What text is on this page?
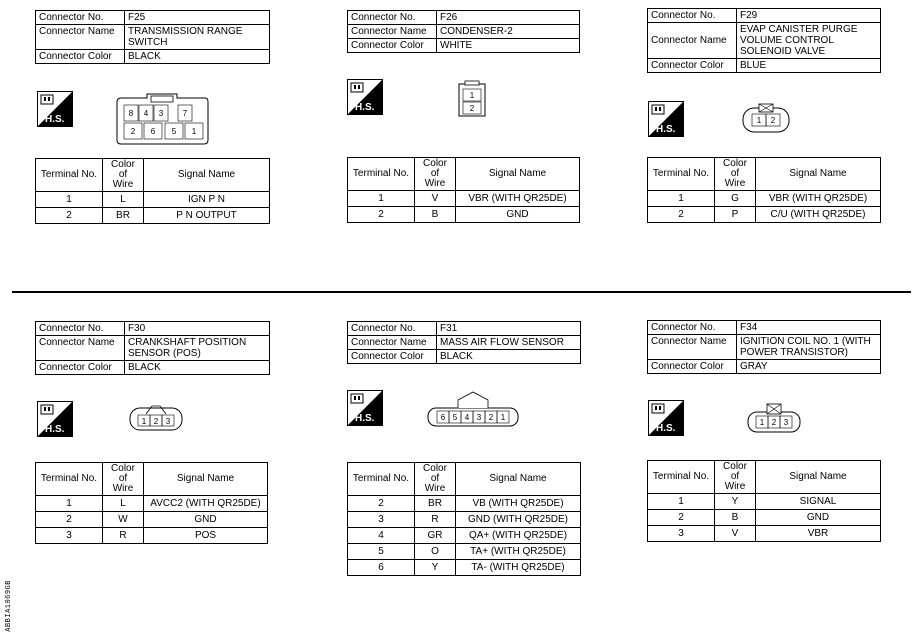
Connector No.	F25
Connector Name	TRANSMISSION RANGE
SWITCH
Connector Color	BLACK
H.S.
8 4 3 7
2 6 5 1
Terminal No.	Color of
Wire	Signal Name
1	L	IGN P N
2	BR	P N OUTPUT
Connector No.	F26
Connector Name	CONDENSER-2
Connector Color	WHITE
H.S.
1
2
Terminal No.	Color of
Wire	Signal Name
1	V	VBR (WITH QR25DE)
2	B	GND
Connector No.	F29
Connector Name	EVAP CANISTER PURGE
VOLUME CONTROL
SOLENOID VALVE
Connector Color	BLUE
H.S.
1 2
Terminal No.	Color of
Wire	Signal Name
1	G	VBR (WITH QR25DE)
2	P	C/U (WITH QR25DE)
Connector No.	F30
Connector Name	CRANKSHAFT POSITION
SENSOR (POS)
Connector Color	BLACK
H.S.
1 2 3
Terminal No.	Color of
Wire	Signal Name
1	L	AVCC2 (WITH QR25DE)
2	W	GND
3	R	POS
Connector No.	F31
Connector Name	MASS AIR FLOW SENSOR
Connector Color	BLACK
H.S.	6 5 4 3 2 1
Terminal No.	Color of
Wire	Signal Name
2	BR	VB (WITH QR25DE)
3	R	GND (WITH QR25DE)
4	GR	QA+ (WITH QR25DE)
5	O	TA+ (WITH QR25DE)
6	Y	TA- (WITH QR25DE)
Connector No.	F34
Connector Name	IGNITION COIL NO. 1 (WITH
POWER TRANSISTOR)
Connector Color	GRAY
H.S.
1 2 3
Terminal No.	Color of
Wire	Signal Name
1	Y	SIGNAL
2	B	GND
3	V	VBR
ABBIA1069GB
